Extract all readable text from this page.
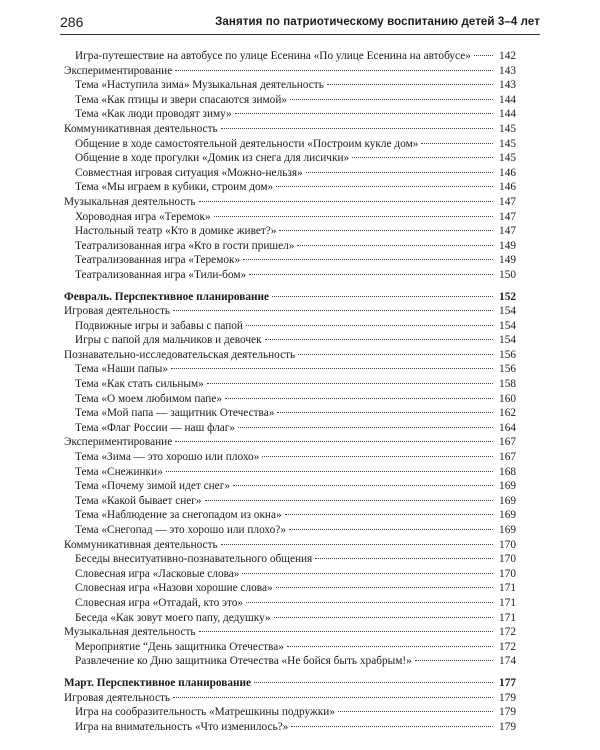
286	Занятия по патриотическому воспитанию детей 3–4 лет
Игра-путешествие на автобусе по улице Есенина «По улице Есенина на автобусе» 142
Экспериментирование	143
Тема «Наступила зима» Музыкальная деятельность	143
Тема «Как птицы и звери спасаются зимой»	144
Тема «Как люди проводят зиму»	144
Коммуникативная деятельность	145
Общение в ходе самостоятельной деятельности «Построим кукле дом»	145
Общение в ходе прогулки «Домик из снега для лисички»	145
Совместная игровая ситуация «Можно-нельзя»	146
Тема «Мы играем в кубики, строим дом»	146
Музыкальная деятельность	147
Хороводная игра «Теремок»	147
Настольный театр «Кто в домике живет?»	147
Театрализованная игра «Кто в гости пришел»	149
Театрализованная игра «Теремок»	149
Театрализованная игра «Тили-бом»	150
Февраль. Перспективное планирование	152
Игровая деятельность	154
Подвижные игры и забавы с папой	154
Игры с папой для мальчиков и девочек	154
Познавательно-исследовательская деятельность	156
Тема «Наши папы»	156
Тема «Как стать сильным»	158
Тема «О моем любимом папе»	160
Тема «Мой папа — защитник Отечества»	162
Тема «Флаг России — наш флаг»	164
Экспериментирование	167
Тема «Зима — это хорошо или плохо»	167
Тема «Снежинки»	168
Тема «Почему зимой идет снег»	169
Тема «Какой бывает снег»	169
Тема «Наблюдение за снегопадом из окна»	169
Тема «Снегопад — это хорошо или плохо?»	169
Коммуникативная деятельность	170
Беседы внеситуативно-познавательного общения	170
Словесная игра «Ласковые слова»	170
Словесная игра «Назови хорошие слова»	171
Словесная игра «Отгадай, кто это»	171
Беседа «Как зовут моего папу, дедушку»	171
Музыкальная деятельность	172
Мероприятие “День защитника Отечества»	172
Развлечение ко Дню защитника Отечества «Не бойся быть храбрым!»	174
Март. Перспективное планирование	177
Игровая деятельность	179
Игра на сообразительность «Матрешкины подружки»	179
Игра на внимательность «Что изменилось?»	179
